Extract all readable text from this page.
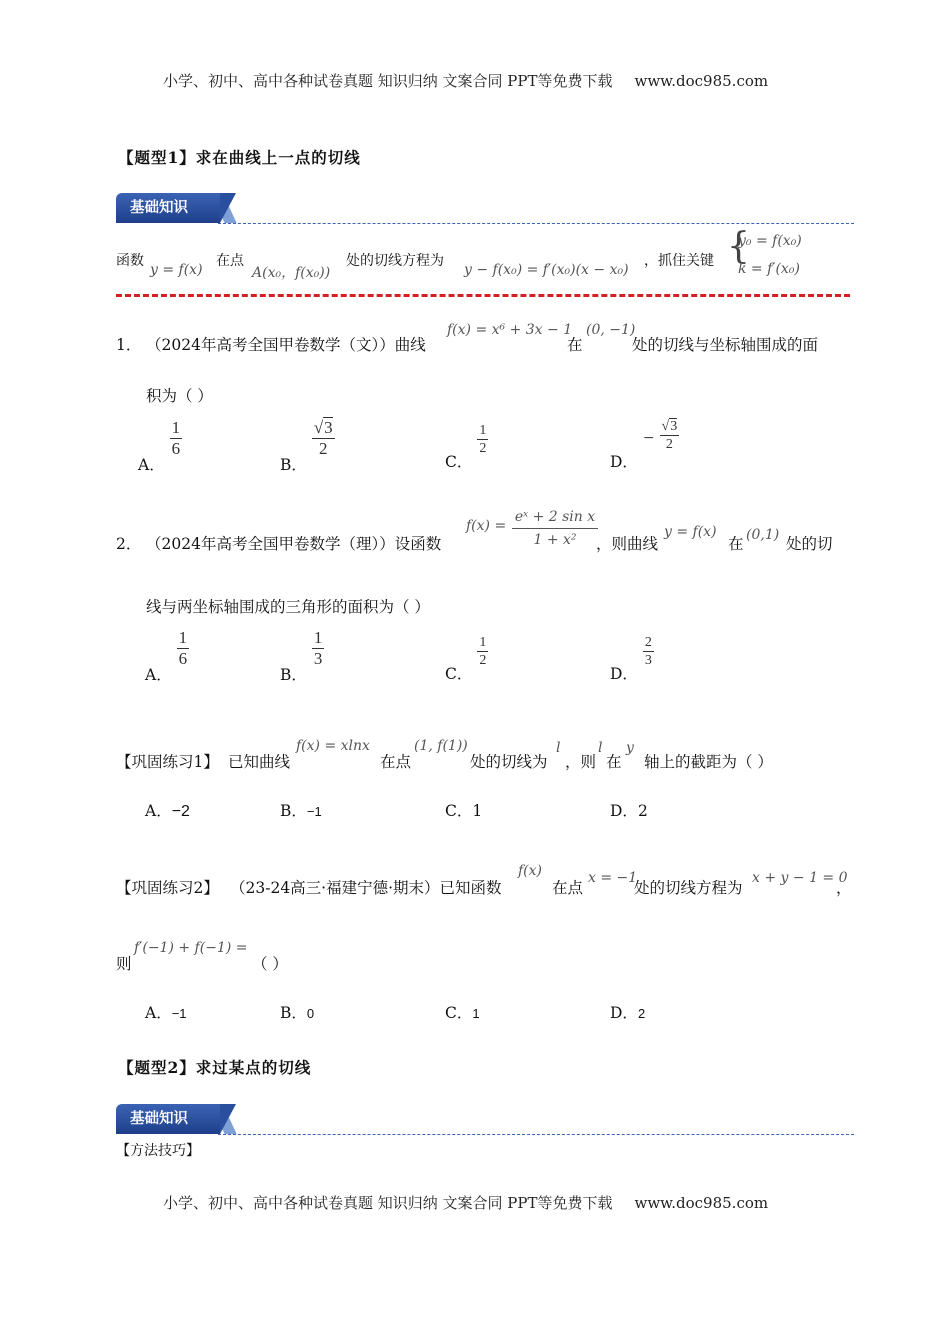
小学、初中、高中各种试卷真题 知识归纳 文案合同 PPT等免费下载 www.doc985.com
【题型1】求在曲线上一点的切线
基础知识
函数
y = f(x)
在点
A(x₀，f(x₀))
处的切线方程为
y − f(x₀) = f′(x₀)(x − x₀)
，抓住关键 {
y₀ = f(x₀)
k = f′(x₀)
1． （2024年高考全国甲卷数学（文））曲线
f(x) = x⁶ + 3x − 1
在
(0, −1)
处的切线与坐标轴围成的面
积为（ ）
A．
$\frac{1}{6}$
B．
$\frac{√3}{2}$
C．
$\frac{1}{2}$
D． − $\frac{√3}{2}$
2． （2024年高考全国甲卷数学（理））设函数
$f(x) = \frac{\text{eˣ + 2 sin x}}{\text{1 + x²}}$
，则曲线
y = f(x)
在 (0,1) 处的切
线与两坐标轴围成的三角形的面积为（ ）
A．
$\frac{1}{6}$
B．
$\frac{1}{3}$
C．
$\frac{1}{2}$
D．
$\frac{2}{3}$
【巩固练习1】 已知曲线
f(x) = xlnx
在点
(1, f(1))
处的切线为
l
，则
l
在
y
轴上的截距为（ ）
A．−2	B．−1	C．1	D．2
【巩固练习2】 （23-24高三·福建宁德·期末）已知函数
f(x)
在点
x = −1
处的切线方程为
x + y − 1 = 0
，
则
f′(−1) + f(−1) =
（ ）
A．−1	B．0	C．1	D．2
【题型2】求过某点的切线
基础知识
【方法技巧】
小学、初中、高中各种试卷真题 知识归纳 文案合同 PPT等免费下载 www.doc985.com
